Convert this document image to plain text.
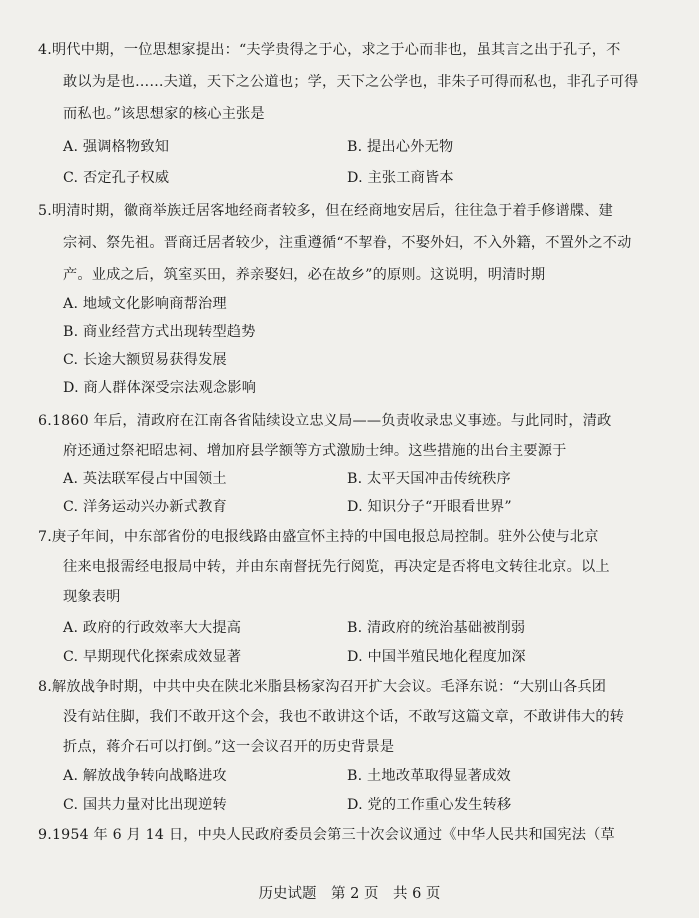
4.明代中期，一位思想家提出：“夫学贵得之于心，求之于心而非也，虽其言之出于孔子，不
敢以为是也……夫道，天下之公道也；学，天下之公学也，非朱子可得而私也，非孔子可得
而私也。”该思想家的核心主张是
A. 强调格物致知	B. 提出心外无物
C. 否定孔子权威	D. 主张工商皆本
5.明清时期，徽商举族迁居客地经商者较多，但在经商地安居后，往往急于着手修谱牒、建
宗祠、祭先祖。晋商迁居者较少，注重遵循“不挈眷，不娶外妇，不入外籍，不置外之不动
产。业成之后，筑室买田，养亲娶妇，必在故乡”的原则。这说明，明清时期
A. 地域文化影响商帮治理
B. 商业经营方式出现转型趋势
C. 长途大额贸易获得发展
D. 商人群体深受宗法观念影响
6.1860 年后，清政府在江南各省陆续设立忠义局——负责收录忠义事迹。与此同时，清政
府还通过祭祀昭忠祠、增加府县学额等方式激励士绅。这些措施的出台主要源于
A. 英法联军侵占中国领土	B. 太平天国冲击传统秩序
C. 洋务运动兴办新式教育	D. 知识分子“开眼看世界”
7.庚子年间，中东部省份的电报线路由盛宣怀主持的中国电报总局控制。驻外公使与北京
往来电报需经电报局中转，并由东南督抚先行阅览，再决定是否将电文转往北京。以上
现象表明
A. 政府的行政效率大大提高	B. 清政府的统治基础被削弱
C. 早期现代化探索成效显著	D. 中国半殖民地化程度加深
8.解放战争时期，中共中央在陕北米脂县杨家沟召开扩大会议。毛泽东说：“大别山各兵团
没有站住脚，我们不敢开这个会，我也不敢讲这个话，不敢写这篇文章，不敢讲伟大的转
折点，蒋介石可以打倒。”这一会议召开的历史背景是
A. 解放战争转向战略进攻	B. 土地改革取得显著成效
C. 国共力量对比出现逆转	D. 党的工作重心发生转移
9.1954 年 6 月 14 日，中央人民政府委员会第三十次会议通过《中华人民共和国宪法（草
历史试题　第 2 页　共 6 页
